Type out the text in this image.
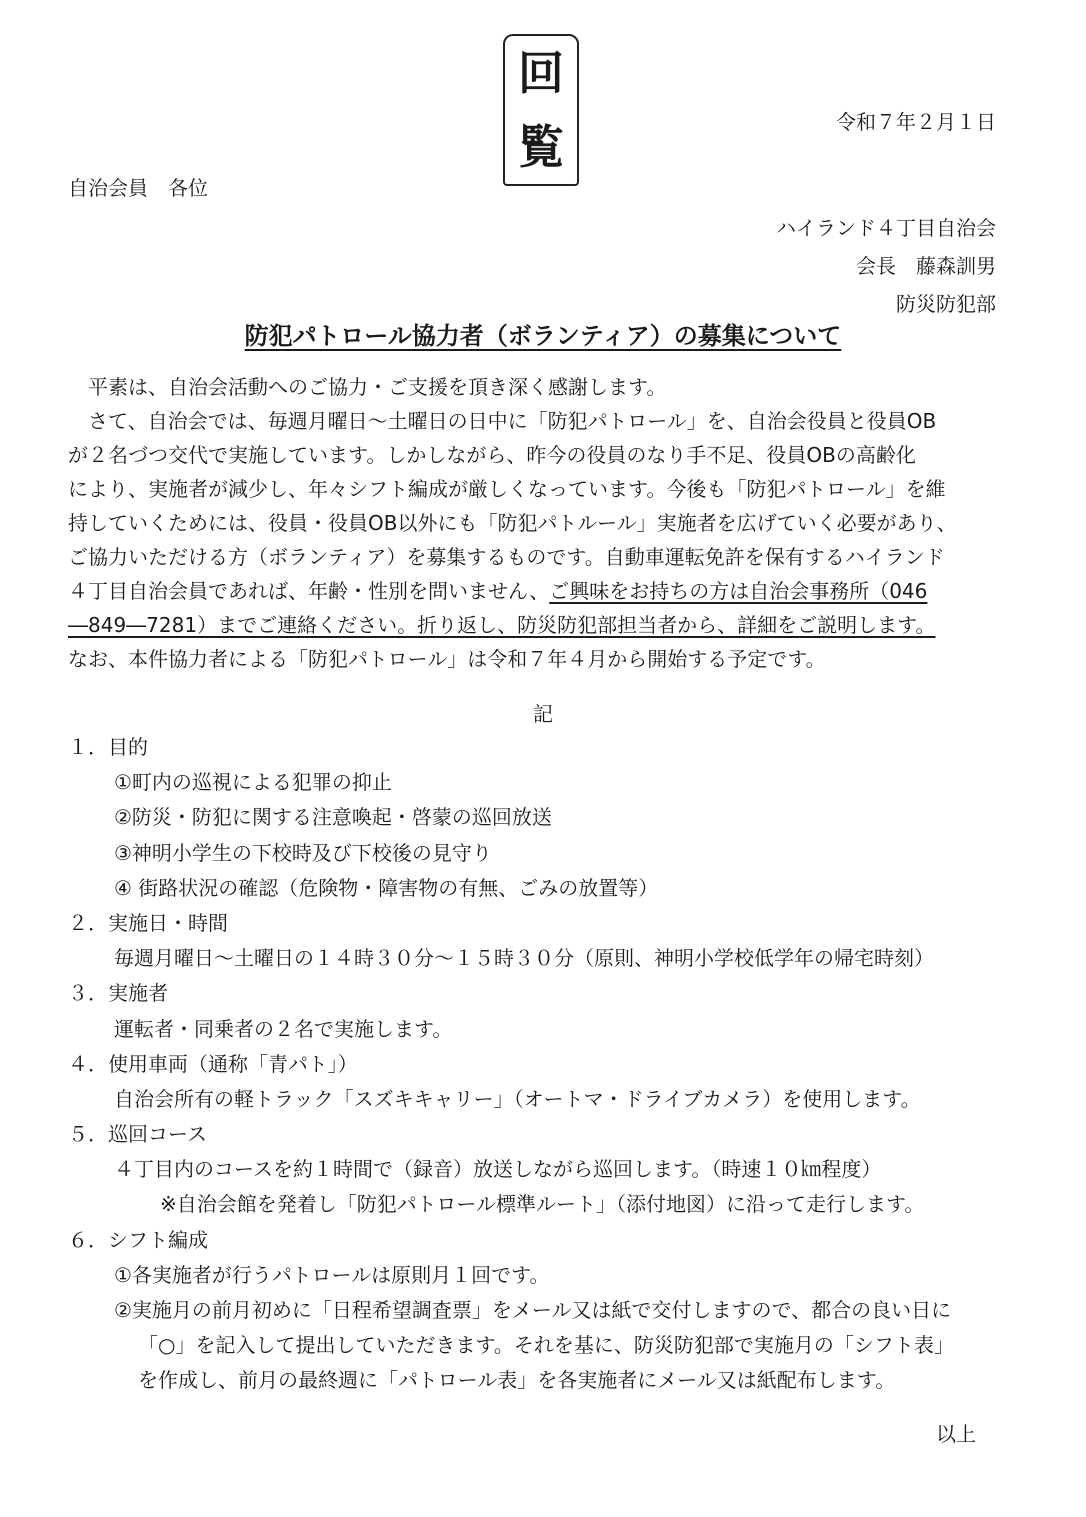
回
覧	令和７年２月１日
自治会員　各位
ハイランド４丁目自治会
会長　藤森訓男
防災防犯部
防犯パトロール協力者（ボランティア）の募集について
　平素は、自治会活動へのご協力・ご支援を頂き深く感謝します。
　さて、自治会では、毎週月曜日～土曜日の日中に「防犯パトロール」を、自治会役員と役員OB
が２名づつ交代で実施しています。しかしながら、昨今の役員のなり手不足、役員OBの高齢化
により、実施者が減少し、年々シフト編成が厳しくなっています。今後も「防犯パトロール」を維
持していくためには、役員・役員OB以外にも「防犯パトルール」実施者を広げていく必要があり、
ご協力いただける方（ボランティア）を募集するものです。自動車運転免許を保有するハイランド
４丁目自治会員であれば、年齢・性別を問いません、ご興味をお持ちの方は自治会事務所（046
―849―7281）までご連絡ください。折り返し、防災防犯部担当者から、詳細をご説明します。
なお、本件協力者による「防犯パトロール」は令和７年４月から開始する予定です。
記
１．目的
①町内の巡視による犯罪の抑止
②防災・防犯に関する注意喚起・啓蒙の巡回放送
③神明小学生の下校時及び下校後の見守り
④ 街路状況の確認（危険物・障害物の有無、ごみの放置等）
２．実施日・時間
毎週月曜日～土曜日の１４時３０分～１５時３０分（原則、神明小学校低学年の帰宅時刻）
３．実施者
運転者・同乗者の２名で実施します。
４．使用車両（通称「青パト」）
自治会所有の軽トラック「スズキキャリー」（オートマ・ドライブカメラ）を使用します。
５．巡回コース
４丁目内のコースを約１時間で（録音）放送しながら巡回します。（時速１０㎞程度）
※自治会館を発着し「防犯パトロール標準ルート」（添付地図）に沿って走行します。
６．シフト編成
①各実施者が行うパトロールは原則月１回です。
②実施月の前月初めに「日程希望調査票」をメール又は紙で交付しますので、都合の良い日に
「○」を記入して提出していただきます。それを基に、防災防犯部で実施月の「シフト表」
を作成し、前月の最終週に「パトロール表」を各実施者にメール又は紙配布します。
以上
